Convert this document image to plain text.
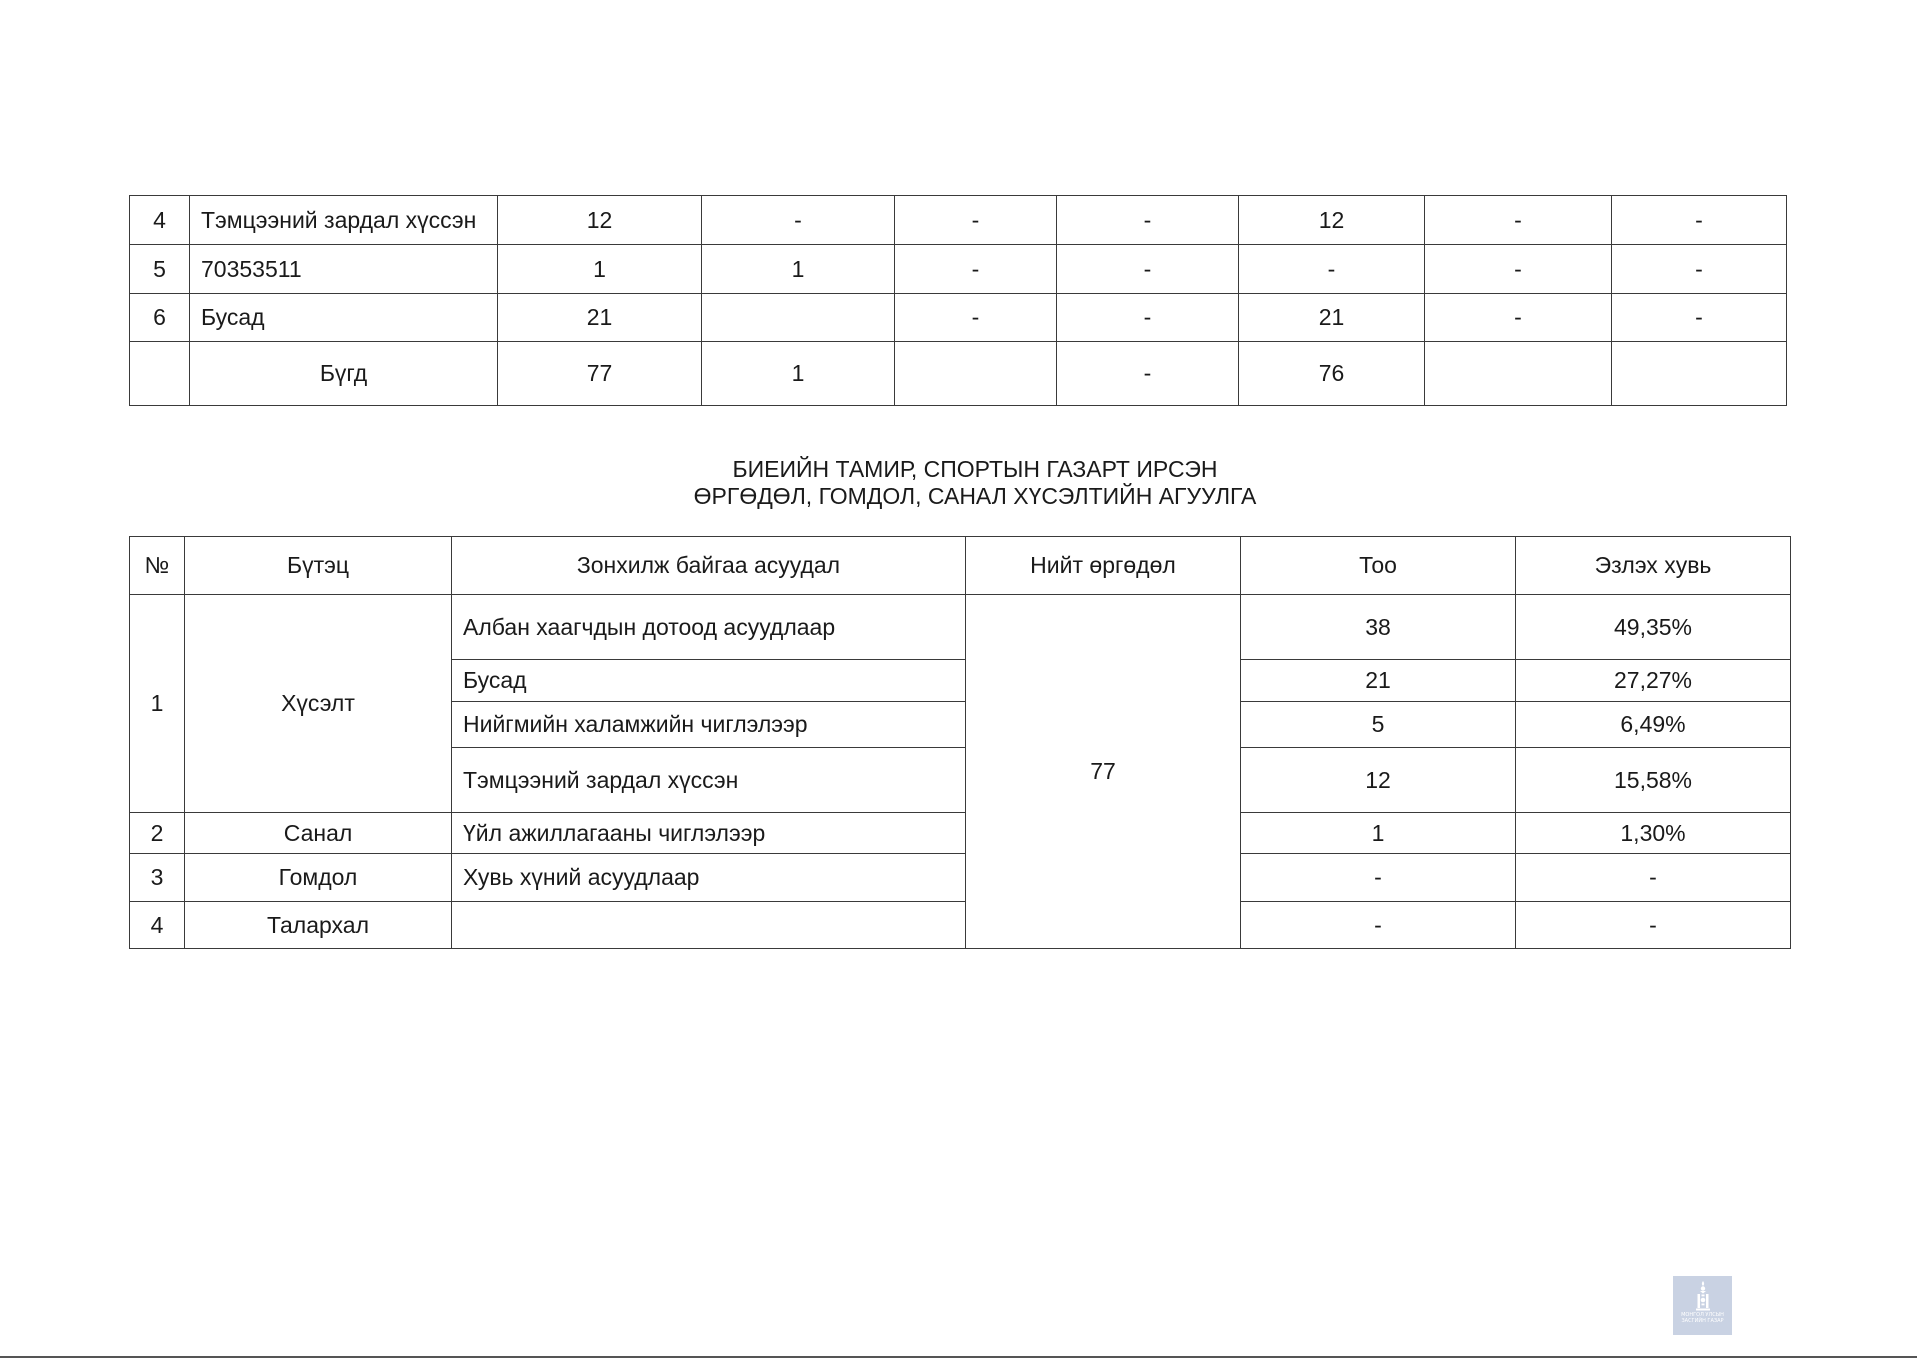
4	Тэмцээний зардал хүссэн	12	-	-	-	12	-	-
5	70353511	1	1	-	-	-	-	-
6	Бусад	21		-	-	21	-	-
	Бүгд	77	1		-	76		
БИЕИЙН ТАМИР, СПОРТЫН ГАЗАРТ ИРСЭН
ӨРГӨДӨЛ, ГОМДОЛ, САНАЛ ХҮСЭЛТИЙН АГУУЛГА
№	Бүтэц	Зонхилж байгаа асуудал	Нийт өргөдөл	Тоо	Эзлэх хувь
1	Хүсэлт	Албан хаагчдын дотоод асуудлаар	77	38	49,35%
		Бусад		21	27,27%
		Нийгмийн халамжийн чиглэлээр		5	6,49%
		Тэмцээний зардал хүссэн		12	15,58%
2	Санал	Үйл ажиллагааны чиглэлээр		1	1,30%
3	Гомдол	Хувь хүний асуудлаар		-	-
4	Талархал			-	-
МОНГОЛ УЛСЫН
ЗАСГИЙН ГАЗАР
